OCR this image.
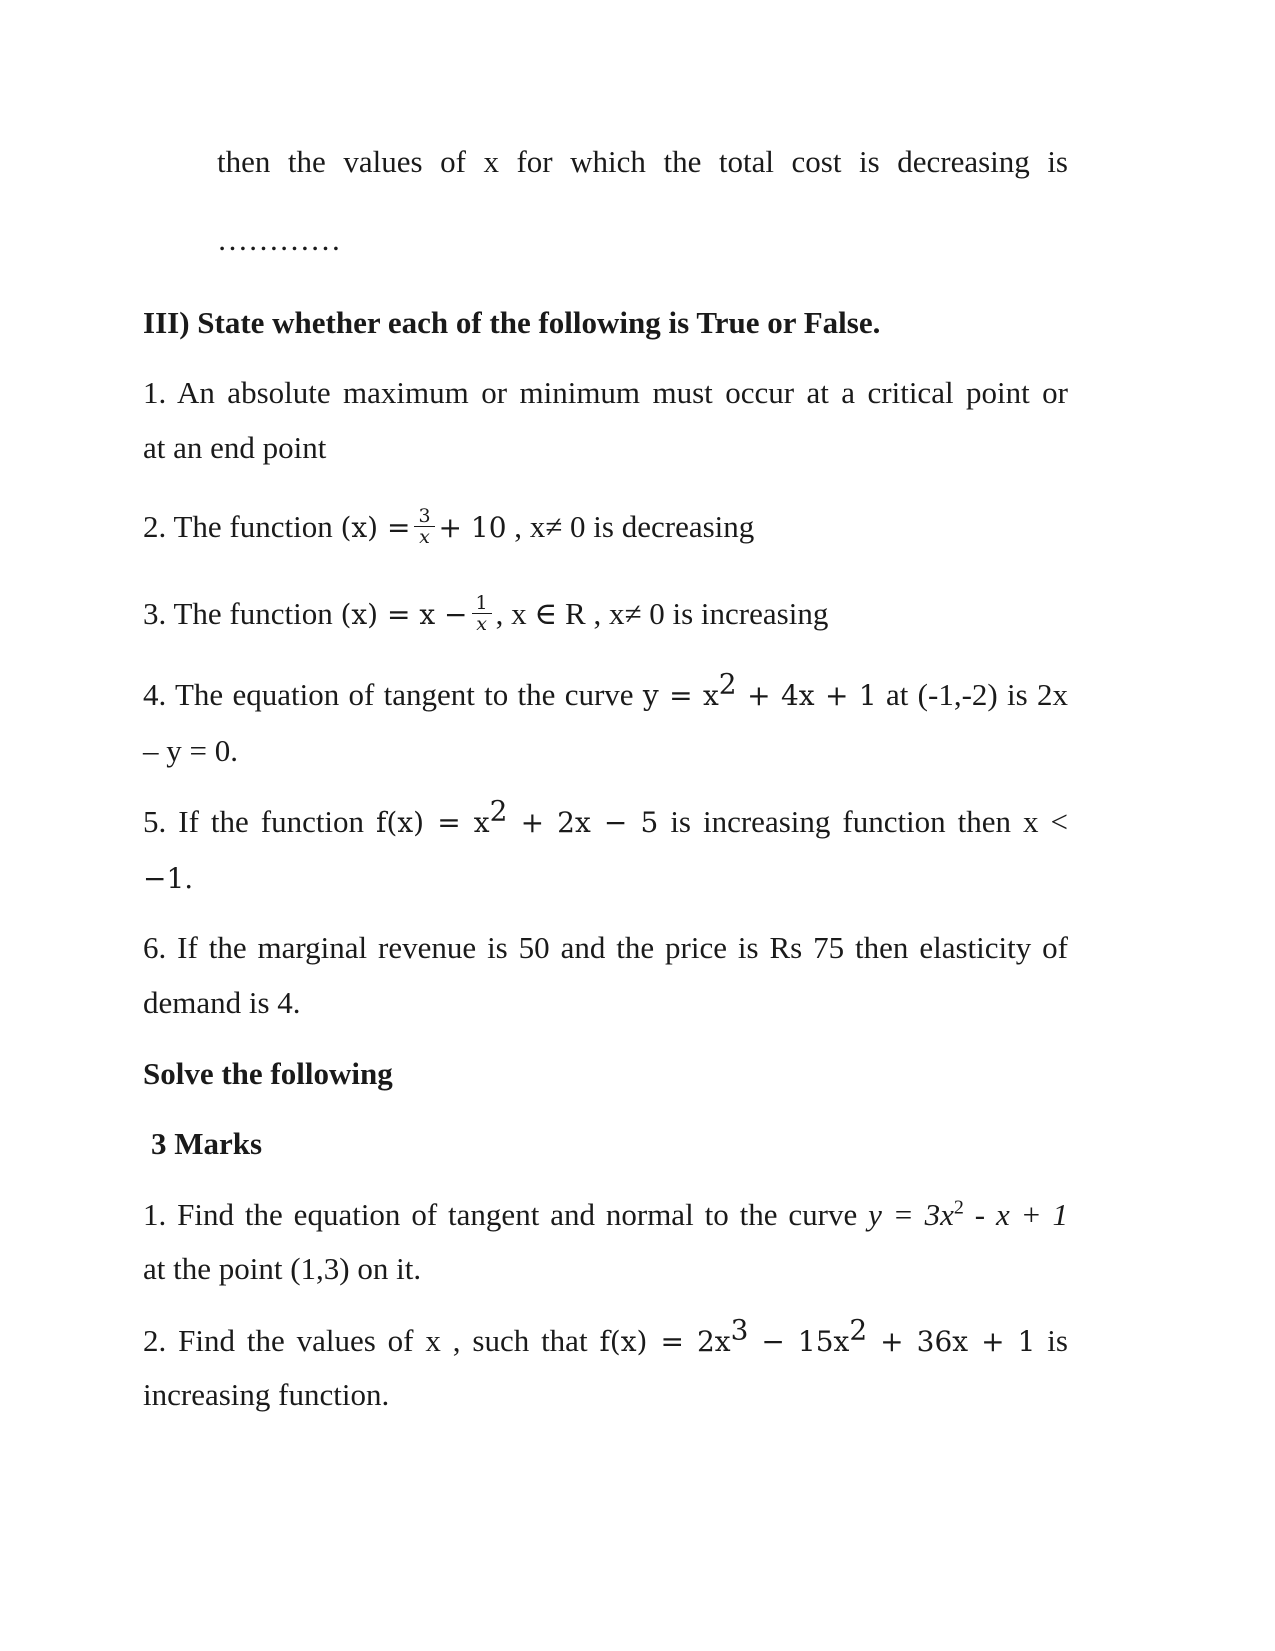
then the values of x for which the total cost is decreasing is
…………
III) State whether each of the following is True or False.
1. An absolute maximum or minimum must occur at a critical point or
at an end point
2. The function $(x) = \frac{3}{x} + 10$ , x≠ 0 is decreasing
3. The function $(x) = x - \frac{1}{x}$ , x ∈ R , x≠ 0 is increasing
4. The equation of tangent to the curve $y = x^2 + 4x + 1$ at (-1,-2) is 2x
– y = 0.
5. If the function $f(x) = x^2 + 2x - 5$ is increasing function then x <
−1.
6. If the marginal revenue is 50 and the price is Rs 75 then elasticity of
demand is 4.
Solve the following
3 Marks
1. Find the equation of tangent and normal to the curve $y = 3x^2 - x + 1$
at the point (1,3) on it.
2. Find the values of x , such that $f(x) = 2x^3 - 15x^2 + 36x + 1$ is
increasing function.
